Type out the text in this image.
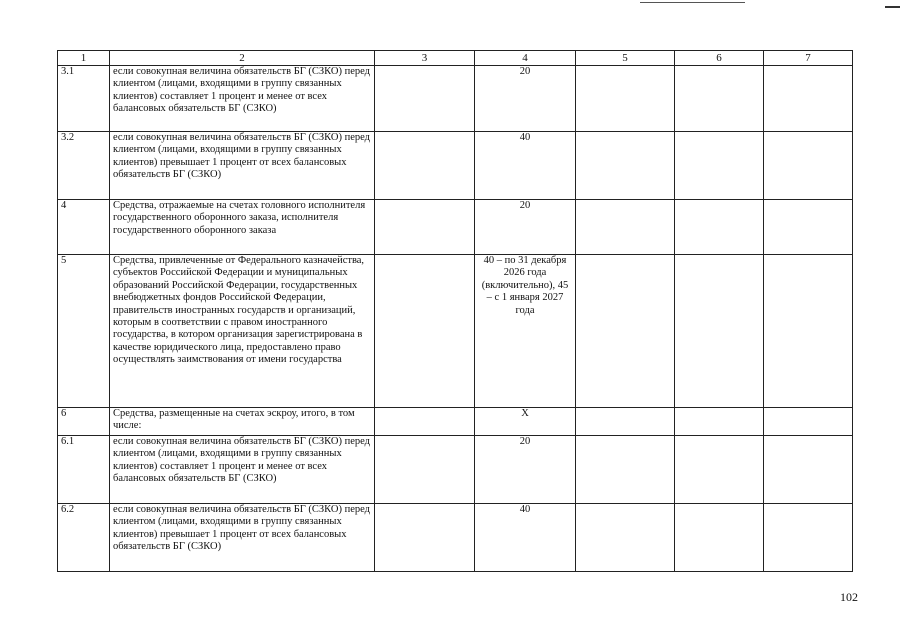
1	2	3	4	5	6	7
3.1	если совокупная величина обязательств БГ (СЗКО) перед клиентом (лицами, входящими в группу связанных клиентов) составляет 1 процент и менее от всех балансовых обязательств БГ (СЗКО)		20			
3.2	если совокупная величина обязательств БГ (СЗКО) перед клиентом (лицами, входящими в группу связанных клиентов) превышает 1 процент от всех балансовых обязательств БГ (СЗКО)		40			
4	Средства, отражаемые на счетах головного исполнителя государственного оборонного заказа, исполнителя государственного оборонного заказа		20			
5	Средства, привлеченные от Федерального казначейства, субъектов Российской Федерации и муниципальных образований Российской Федерации, государственных внебюджетных фондов Российской Федерации, правительств иностранных государств и организаций, которым в соответствии с правом иностранного государства, в котором организация зарегистрирована в качестве юридического лица, предоставлено право осуществлять заимствования от имени государства		40 – по 31 декабря 2026 года (включительно), 45 – с 1 января 2027 года			
6	Средства, размещенные на счетах эскроу, итого, в том числе:		X			
6.1	если совокупная величина обязательств БГ (СЗКО) перед клиентом (лицами, входящими в группу связанных клиентов) составляет 1 процент и менее от всех балансовых обязательств БГ (СЗКО)		20			
6.2	если совокупная величина обязательств БГ (СЗКО) перед клиентом (лицами, входящими в группу связанных клиентов) превышает 1 процент от всех балансовых обязательств БГ (СЗКО)		40			
102
